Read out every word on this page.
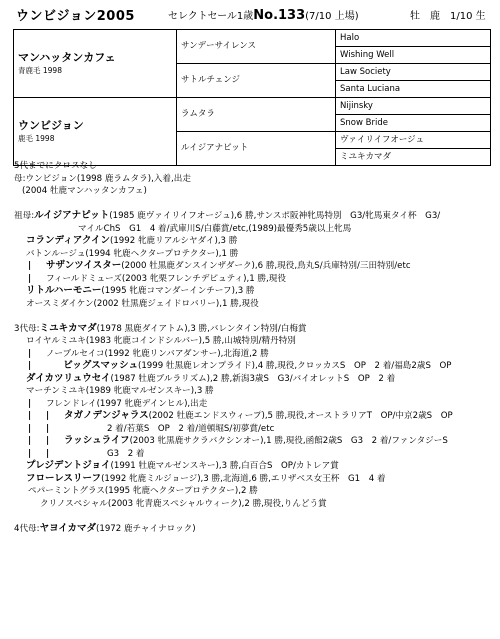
ウンビジョン2005	セレクトセール1歳No.133(7/10 上場)	牡　鹿　1/10 生
マンハッタンカフェ
青鹿毛 1998	サンデーサイレンス	Halo
		Wishing Well
	サトルチェンジ	Law Society
		Santa Luciana

ウンビジョン
鹿毛 1998	ラムタラ	Nijinsky
		Snow Bride
	ルイジアナピット	ヴァイリイフオージュ
		ミユキカマダ
5代までにクロスなし
母:ウンビジョン(1998 鹿ラムタラ),入着,出走
(2004 牡鹿マンハッタンカフェ)
祖母:ルイジアナピット(1985 鹿ヴァイリイフオージュ),6 勝,サンスポ阪神牝馬特別　G3/牝馬東タイ杯　G3/
マイルChS　G1　4 着/武庫川S/白藤賞/etc,(1989)最優秀5歳以上牝馬
コランディアクイン(1992 牝鹿リアルシヤダイ),3 勝
バトンルージュ(1994 牝鹿ヘクタープロテクター),1 勝
| サザンツイスター(2000 牡黒鹿ダンスインザダーク),6 勝,現役,鳥丸S/兵庫特別/三田特別/etc
| フィールドミューズ(2003 牝栗フレンチデピュティ),1 勝,現役
リトルハーモニー(1995 牝鹿コマンダーインチーフ),3 勝
オースミダイケン(2002 牡黒鹿ジェイドロバリー),1 勝,現役
3代母:ミユキカマダ(1978 黒鹿ダイアトム),3 勝,バレンタイン特別/白梅賞
ロイヤルミユキ(1983 牝鹿コインドシルバー),5 勝,山城特別/精丹特別
| ノーブルセイコ(1992 牝鹿リンバアダンサー),北海道,2 勝
|　　	ビッグスマッシュ(1999 牡黒鹿レオンプライド),4 勝,現役,クロッカスS　OP　2 着/福島2歳S　OP
ダイカツリュウセイ(1987 牡鹿ブルラリズム),2 勝,新潟3歳S　G3/バイオレットS　OP　2 着
マーチンミユキ(1989 牝鹿マルゼンスキー),3 勝
| フレンドレイ(1997 牝鹿デインヒル),出走
| | タガノデンジャラス(2002 牡鹿エンドスウィープ),5 勝,現役,オーストラリアT　OP/中京2歳S　OP
| |　　　　　2 着/若葉S　OP　2 着/道頓堀S/初夢賞/etc
| | ラッシュライフ(2003 牝黒鹿サクラバクシンオー),1 勝,現役,函館2歳S　G3　2 着/ファンタジーS
| |　　　　　G3　2 着
プレジデントジョイ(1991 牡鹿マルゼンスキー),3 勝,白百合S　OP/カトレア賞
フローレスリーフ(1992 牝鹿ミルジョージ),3 勝,北海道,6 勝,エリザベス女王杯　G1　4 着
ペパーミントグラス(1995 牝鹿ヘクタープロテクター),2 勝
クリノスペシャル(2003 牝青鹿スペシャルウィーク),2 勝,現役,りんどう賞
4代母:ヤヨイカマダ(1972 鹿チャイナロック)
